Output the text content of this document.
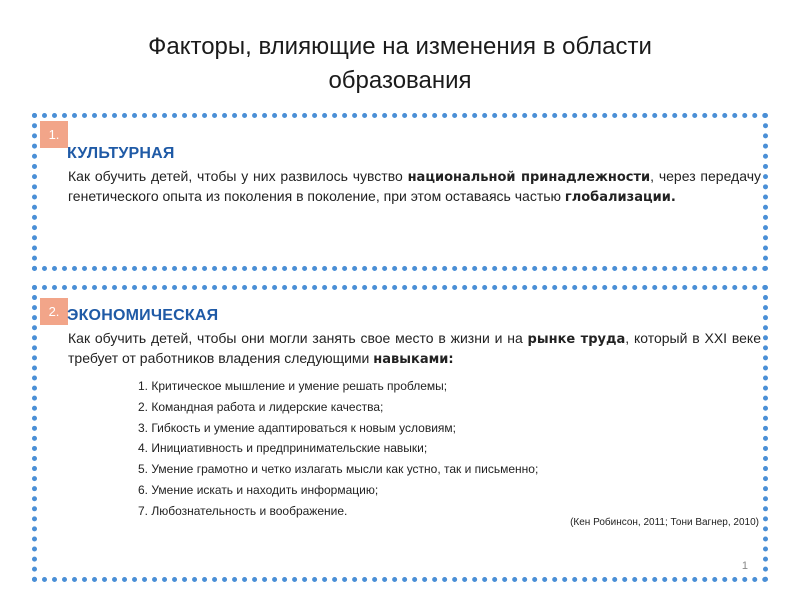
Факторы, влияющие на изменения в области
образования
1.
КУЛЬТУРНАЯ
Как обучить детей, чтобы у них развилось чувство национальной принадлежности, через передачу генетического опыта из поколения в поколение, при этом оставаясь частью глобализации.
2. ЭКОНОМИЧЕСКАЯ
Как обучить детей, чтобы они могли занять свое место в жизни и на рынке труда, который в XXI веке требует от работников владения следующими навыками:
1. Критическое мышление и умение решать проблемы;
2. Командная работа и лидерские качества;
3. Гибкость и умение адаптироваться к новым условиям;
4. Инициативность и предпринимательские навыки;
5. Умение грамотно и четко излагать мысли как устно, так и письменно;
6. Умение искать и находить информацию;
7. Любознательность и воображение.
(Кен Робинсон, 2011; Тони Вагнер, 2010)
1
